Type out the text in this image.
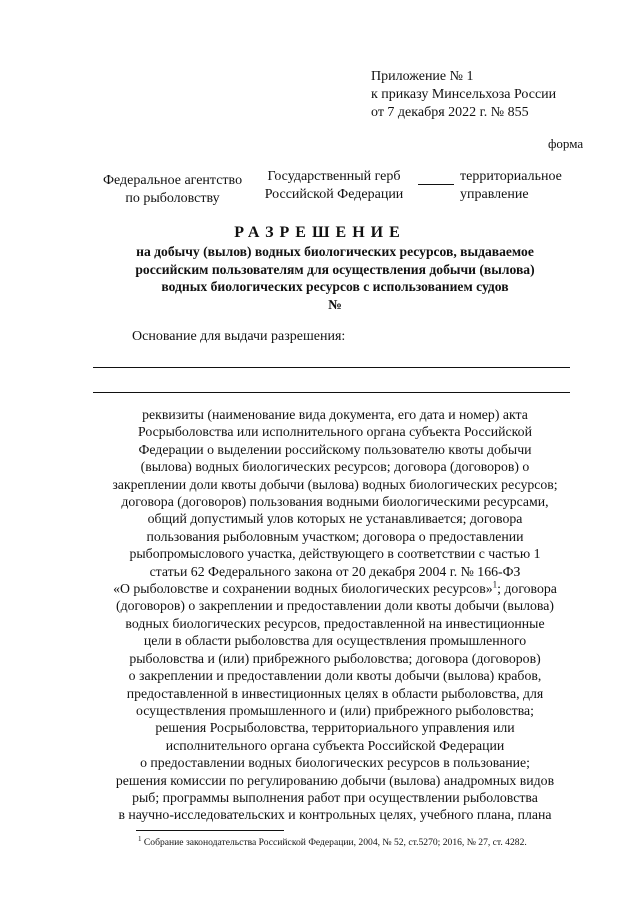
Приложение № 1
к приказу Минсельхоза России
от 7 декабря 2022 г. № 855
форма
Федеральное агентство
по рыболовству
Государственный герб
Российской Федерации
территориальное
управление
РАЗРЕШЕНИЕ
на добычу (вылов) водных биологических ресурсов, выдаваемое
российским пользователям для осуществления добычи (вылова)
водных биологических ресурсов с использованием судов
№
Основание для выдачи разрешения:
реквизиты (наименование вида документа, его дата и номер) акта
Росрыболовства или исполнительного органа субъекта Российской
Федерации о выделении российскому пользователю квоты добычи
(вылова) водных биологических ресурсов; договора (договоров) о
закреплении доли квоты добычи (вылова) водных биологических ресурсов;
договора (договоров) пользования водными биологическими ресурсами,
общий допустимый улов которых не устанавливается; договора
пользования рыболовным участком; договора о предоставлении
рыбопромыслового участка, действующего в соответствии с частью 1
статьи 62 Федерального закона от 20 декабря 2004 г. № 166-ФЗ
«О рыболовстве и сохранении водных биологических ресурсов»$^1$; договора
(договоров) о закреплении и предоставлении доли квоты добычи (вылова)
водных биологических ресурсов, предоставленной на инвестиционные
цели в области рыболовства для осуществления промышленного
рыболовства и (или) прибрежного рыболовства; договора (договоров)
о закреплении и предоставлении доли квоты добычи (вылова) крабов,
предоставленной в инвестиционных целях в области рыболовства, для
осуществления промышленного и (или) прибрежного рыболовства;
решения Росрыболовства, территориального управления или
исполнительного органа субъекта Российской Федерации
о предоставлении водных биологических ресурсов в пользование;
решения комиссии по регулированию добычи (вылова) анадромных видов
рыб; программы выполнения работ при осуществлении рыболовства
в научно-исследовательских и контрольных целях, учебного плана, плана
$^1$ Собрание законодательства Российской Федерации, 2004, № 52, ст.5270; 2016, № 27, ст. 4282.
